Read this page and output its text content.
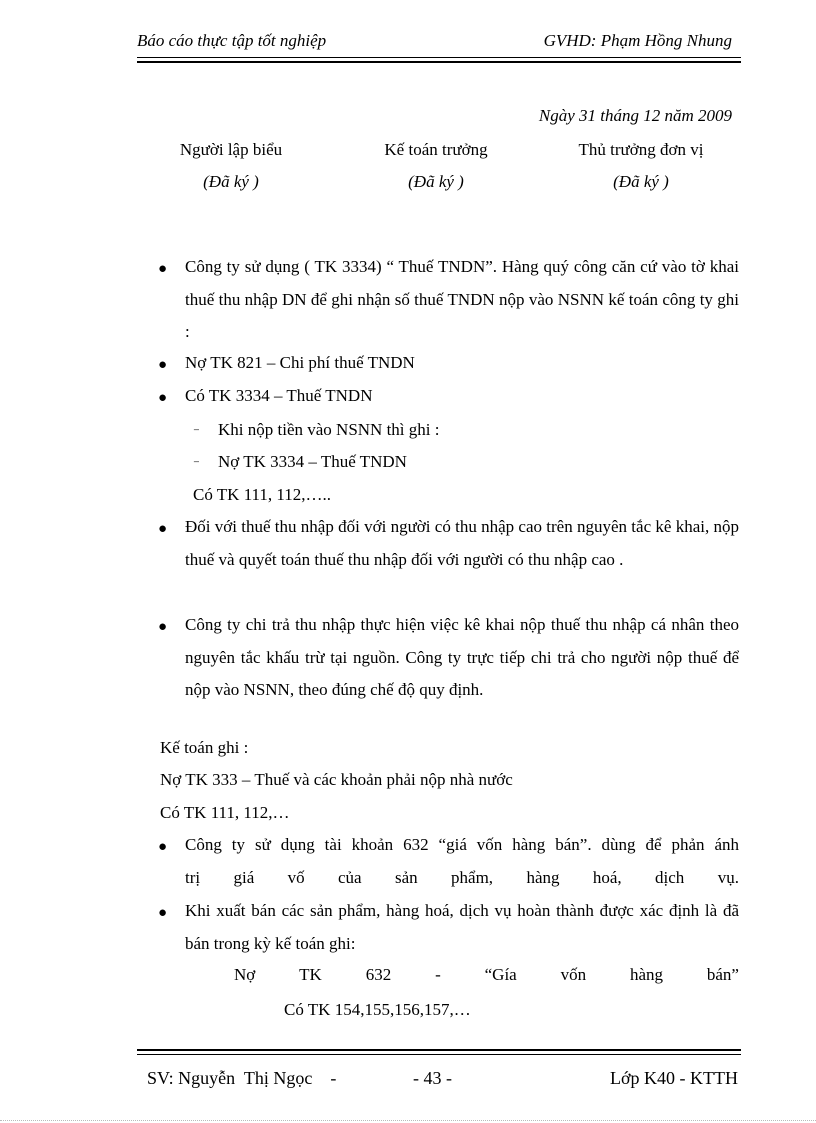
Báo cáo thực tập tốt nghiệp	GVHD: Phạm Hồng Nhung
Ngày 31 tháng 12 năm 2009
Người lập biểu	Kế toán trưởng	Thủ trưởng đơn vị
(Đã ký )	(Đã ký )	(Đã ký )
● Công ty sử dụng ( TK 3334) “ Thuế TNDN”. Hàng quý công căn cứ vào tờ khai thuế thu nhập DN để ghi nhận số thuế TNDN nộp vào NSNN kế toán công ty ghi :
● Nợ TK 821 – Chi phí thuế TNDN
● Có TK 3334 – Thuế TNDN
⁻ Khi nộp tiền vào NSNN thì ghi :
⁻ Nợ TK 3334 – Thuế TNDN
Có TK 111, 112,…..
● Đối với thuế thu nhập đối với người có thu nhập cao trên nguyên tắc kê khai, nộp thuế và quyết toán thuế thu nhập đối với người có thu nhập cao .
● Công ty chi trả thu nhập thực hiện việc kê khai nộp thuế thu nhập cá nhân theo nguyên tắc khấu trừ tại nguồn. Công ty trực tiếp chi trả cho người nộp thuế để nộp vào NSNN, theo đúng chế độ quy định.
Kế toán ghi :
Nợ TK 333 – Thuế và các khoản phải nộp nhà nước
Có TK 111, 112,…
● Công ty sử dụng tài khoản 632 “giá vốn hàng bán”. dùng để phản ánh
trị giá vố của sản phẩm, hàng hoá, dịch vụ.
● Khi xuất bán các sản phẩm, hàng hoá, dịch vụ hoàn thành được xác định là đã bán trong kỳ kế toán ghi:
Nợ	TK	632	-	“Gía	vốn	hàng	bán”
Có TK 154,155,156,157,…
SV: Nguyễn  Thị Ngọc    -	- 43 -	Lớp K40 - KTTH
